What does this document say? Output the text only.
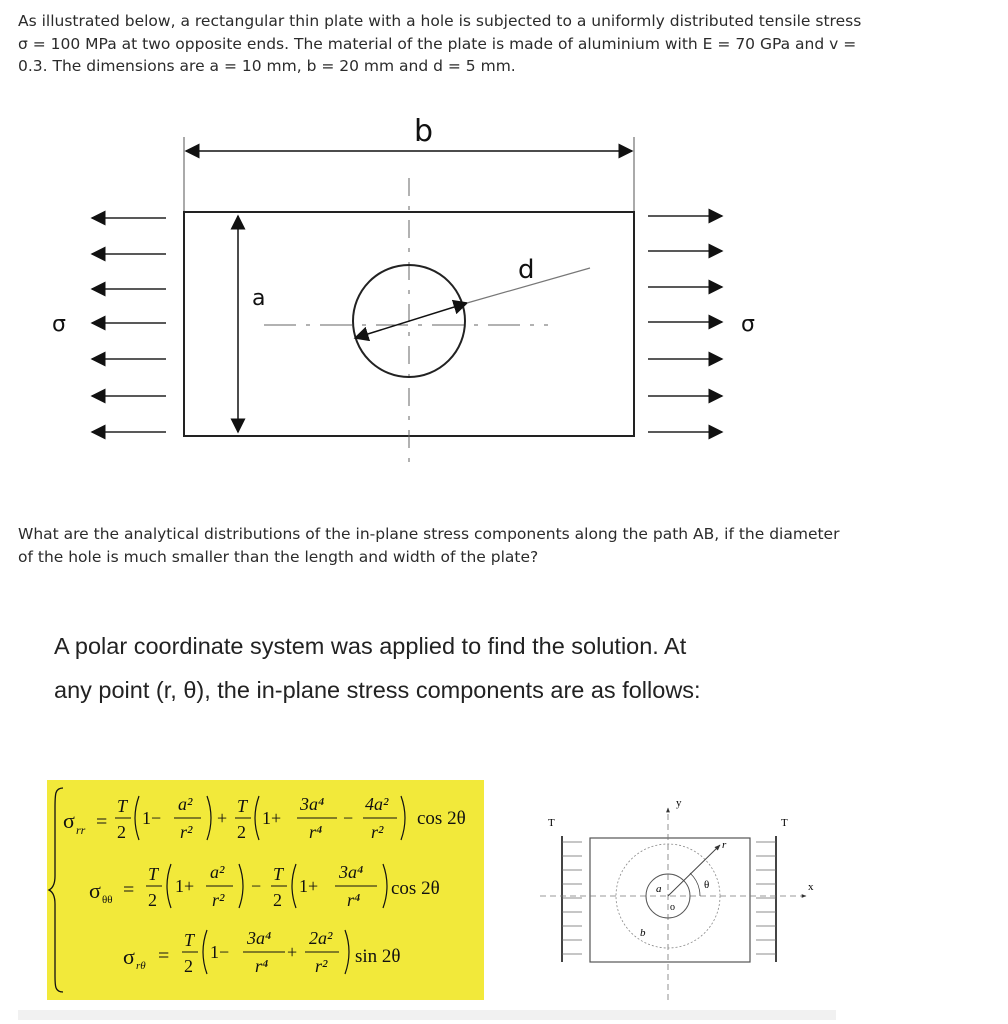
As illustrated below, a rectangular thin plate with a hole is subjected to a uniformly distributed tensile stress
σ = 100 MPa at two opposite ends. The material of the plate is made of aluminium with E = 70 GPa and v =
0.3. The dimensions are a = 10 mm, b = 20 mm and d = 5 mm.
b
a
d
σ	σ
What are the analytical distributions of the in-plane stress components along the path AB, if the diameter
of the hole is much smaller than the length and width of the plate?
A polar coordinate system was applied to find the solution. At
any point (r, θ), the in-plane stress components are as follows:
σ rr =
T
2
1−
a²
r²
+
T
2
1+
3a⁴
r⁴
−
4a²
r²
cos 2θ
σ θθ =
T
2
1+
a²
r²
−
T
2
1+
3a⁴
r⁴
cos 2θ
σ rθ =
T
2
1−
3a⁴
r⁴
+
2a²
r² sin 2θ
T	T
y
x
r
θ
a
b
o
